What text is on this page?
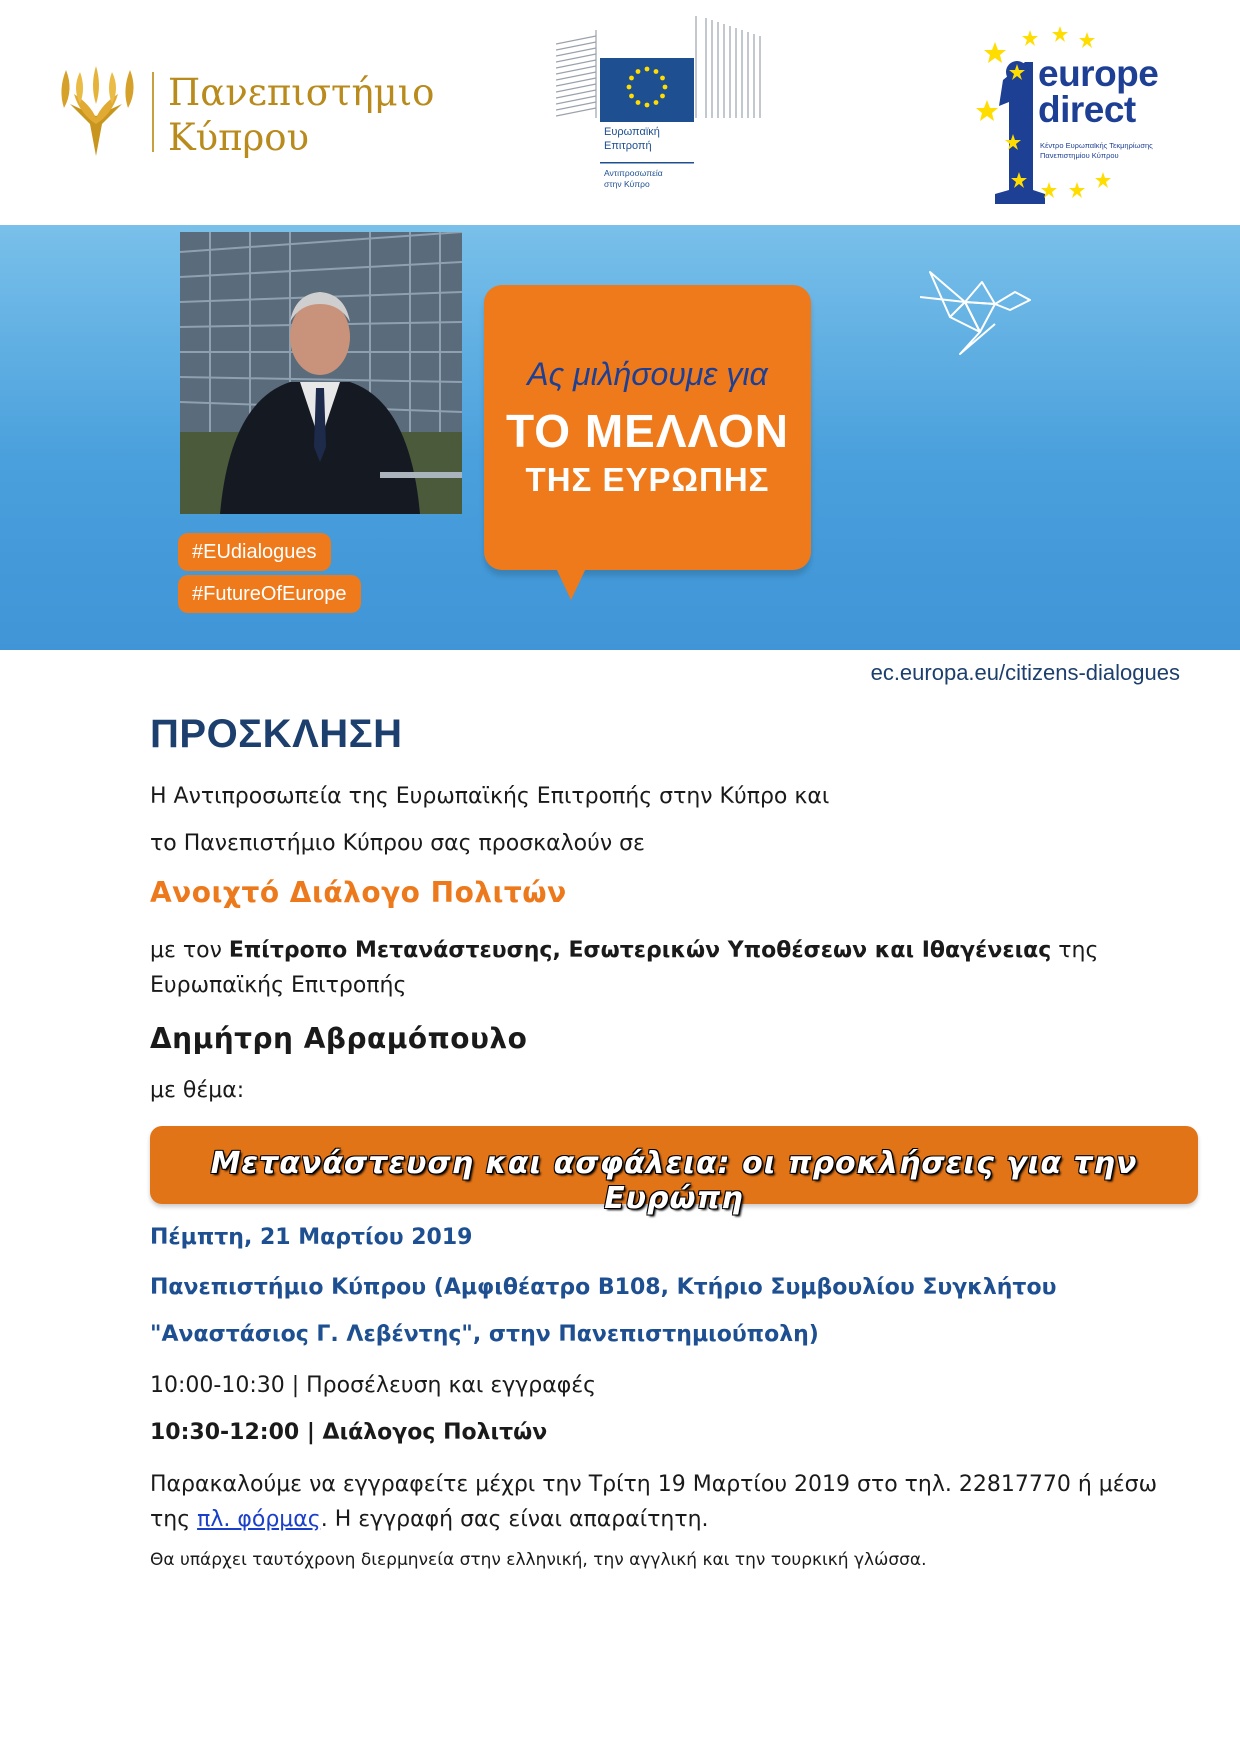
Πανεπιστήμιο
Κύπρου	Ευρωπαϊκή
Επιτροπή
Αντιπροσωπεία
στην Κύπρο
europe
direct
Κέντρο Ευρωπαϊκής Τεκμηρίωσης
Πανεπιστημίου Κύπρου
Ας μιλήσουμε για
ΤΟ ΜΕΛΛΟΝ
ΤΗΣ ΕΥΡΩΠΗΣ
#EUdialogues
#FutureOfEurope
ec.europa.eu/citizens-dialogues
ΠΡΟΣΚΛΗΣΗ
Η Αντιπροσωπεία της Ευρωπαϊκής Επιτροπής στην Κύπρο και
το Πανεπιστήμιο Κύπρου σας προσκαλούν σε
Ανοιχτό Διάλογο Πολιτών
με τον Επίτροπο Μετανάστευσης, Εσωτερικών Υποθέσεων και Ιθαγένειας της Ευρωπαϊκής Επιτροπής
Δημήτρη Αβραμόπουλο
με θέμα:
Μετανάστευση και ασφάλεια: οι προκλήσεις για την Ευρώπη
Πέμπτη, 21 Μαρτίου 2019
Πανεπιστήμιο Κύπρου (Αμφιθέατρο Β108, Κτήριο Συμβουλίου Συγκλήτου
"Αναστάσιος Γ. Λεβέντης", στην Πανεπιστημιούπολη)
10:00-10:30 | Προσέλευση και εγγραφές
10:30-12:00 | Διάλογος Πολιτών
Παρακαλούμε να εγγραφείτε μέχρι την Τρίτη 19 Μαρτίου 2019 στο τηλ. 22817770 ή μέσω της πλ. φόρμας. Η εγγραφή σας είναι απαραίτητη.
Θα υπάρχει ταυτόχρονη διερμηνεία στην ελληνική, την αγγλική και την τουρκική γλώσσα.
